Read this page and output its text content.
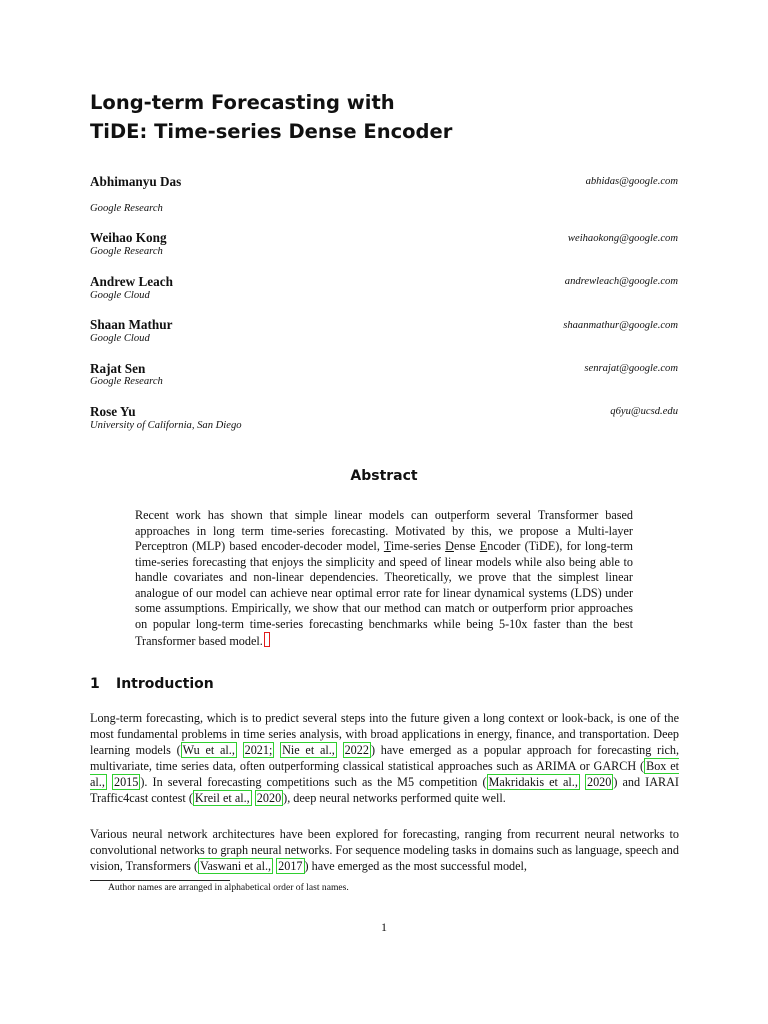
Long-term Forecasting with
TiDE: Time-series Dense Encoder
Abhimanyu Das	abhidas@google.com
Google Research
Weihao Kong	weihaokong@google.com
Google Research
Andrew Leach	andrewleach@google.com
Google Cloud
Shaan Mathur	shaanmathur@google.com
Google Cloud
Rajat Sen	senrajat@google.com
Google Research
Rose Yu	q6yu@ucsd.edu
University of California, San Diego
Abstract
Recent work has shown that simple linear models can outperform several Transformer based approaches in long term time-series forecasting. Motivated by this, we propose a Multi-layer Perceptron (MLP) based encoder-decoder model, Time-series Dense Encoder (TiDE), for long-term time-series forecasting that enjoys the simplicity and speed of linear models while also being able to handle covariates and non-linear dependencies. Theoretically, we prove that the simplest linear analogue of our model can achieve near optimal error rate for linear dynamical systems (LDS) under some assumptions. Empirically, we show that our method can match or outperform prior approaches on popular long-term time-series forecasting benchmarks while being 5-10x faster than the best Transformer based model.
1 Introduction

Long-term forecasting, which is to predict several steps into the future given a long context or look-back, is one of the most fundamental problems in time series analysis, with broad applications in energy, finance, and transportation. Deep learning models ( Wu et al., 2021; Nie et al., 2022 ) have emerged as a popular approach for forecasting rich, multivariate, time series data, often outperforming classical statistical approaches such as ARIMA or GARCH ( Box et al., 2015 ). In several forecasting competitions such as the M5 competition ( Makridakis et al., 2020 ) and IARAI Traffic4cast contest ( Kreil et al., 2020 ), deep neural networks performed quite well.

Various neural network architectures have been explored for forecasting, ranging from recurrent neural networks to convolutional networks to graph neural networks. For sequence modeling tasks in domains such as language, speech and vision, Transformers ( Vaswani et al., 2017 ) have emerged as the most successful model,

Author names are arranged in alphabetical order of last names.
1
